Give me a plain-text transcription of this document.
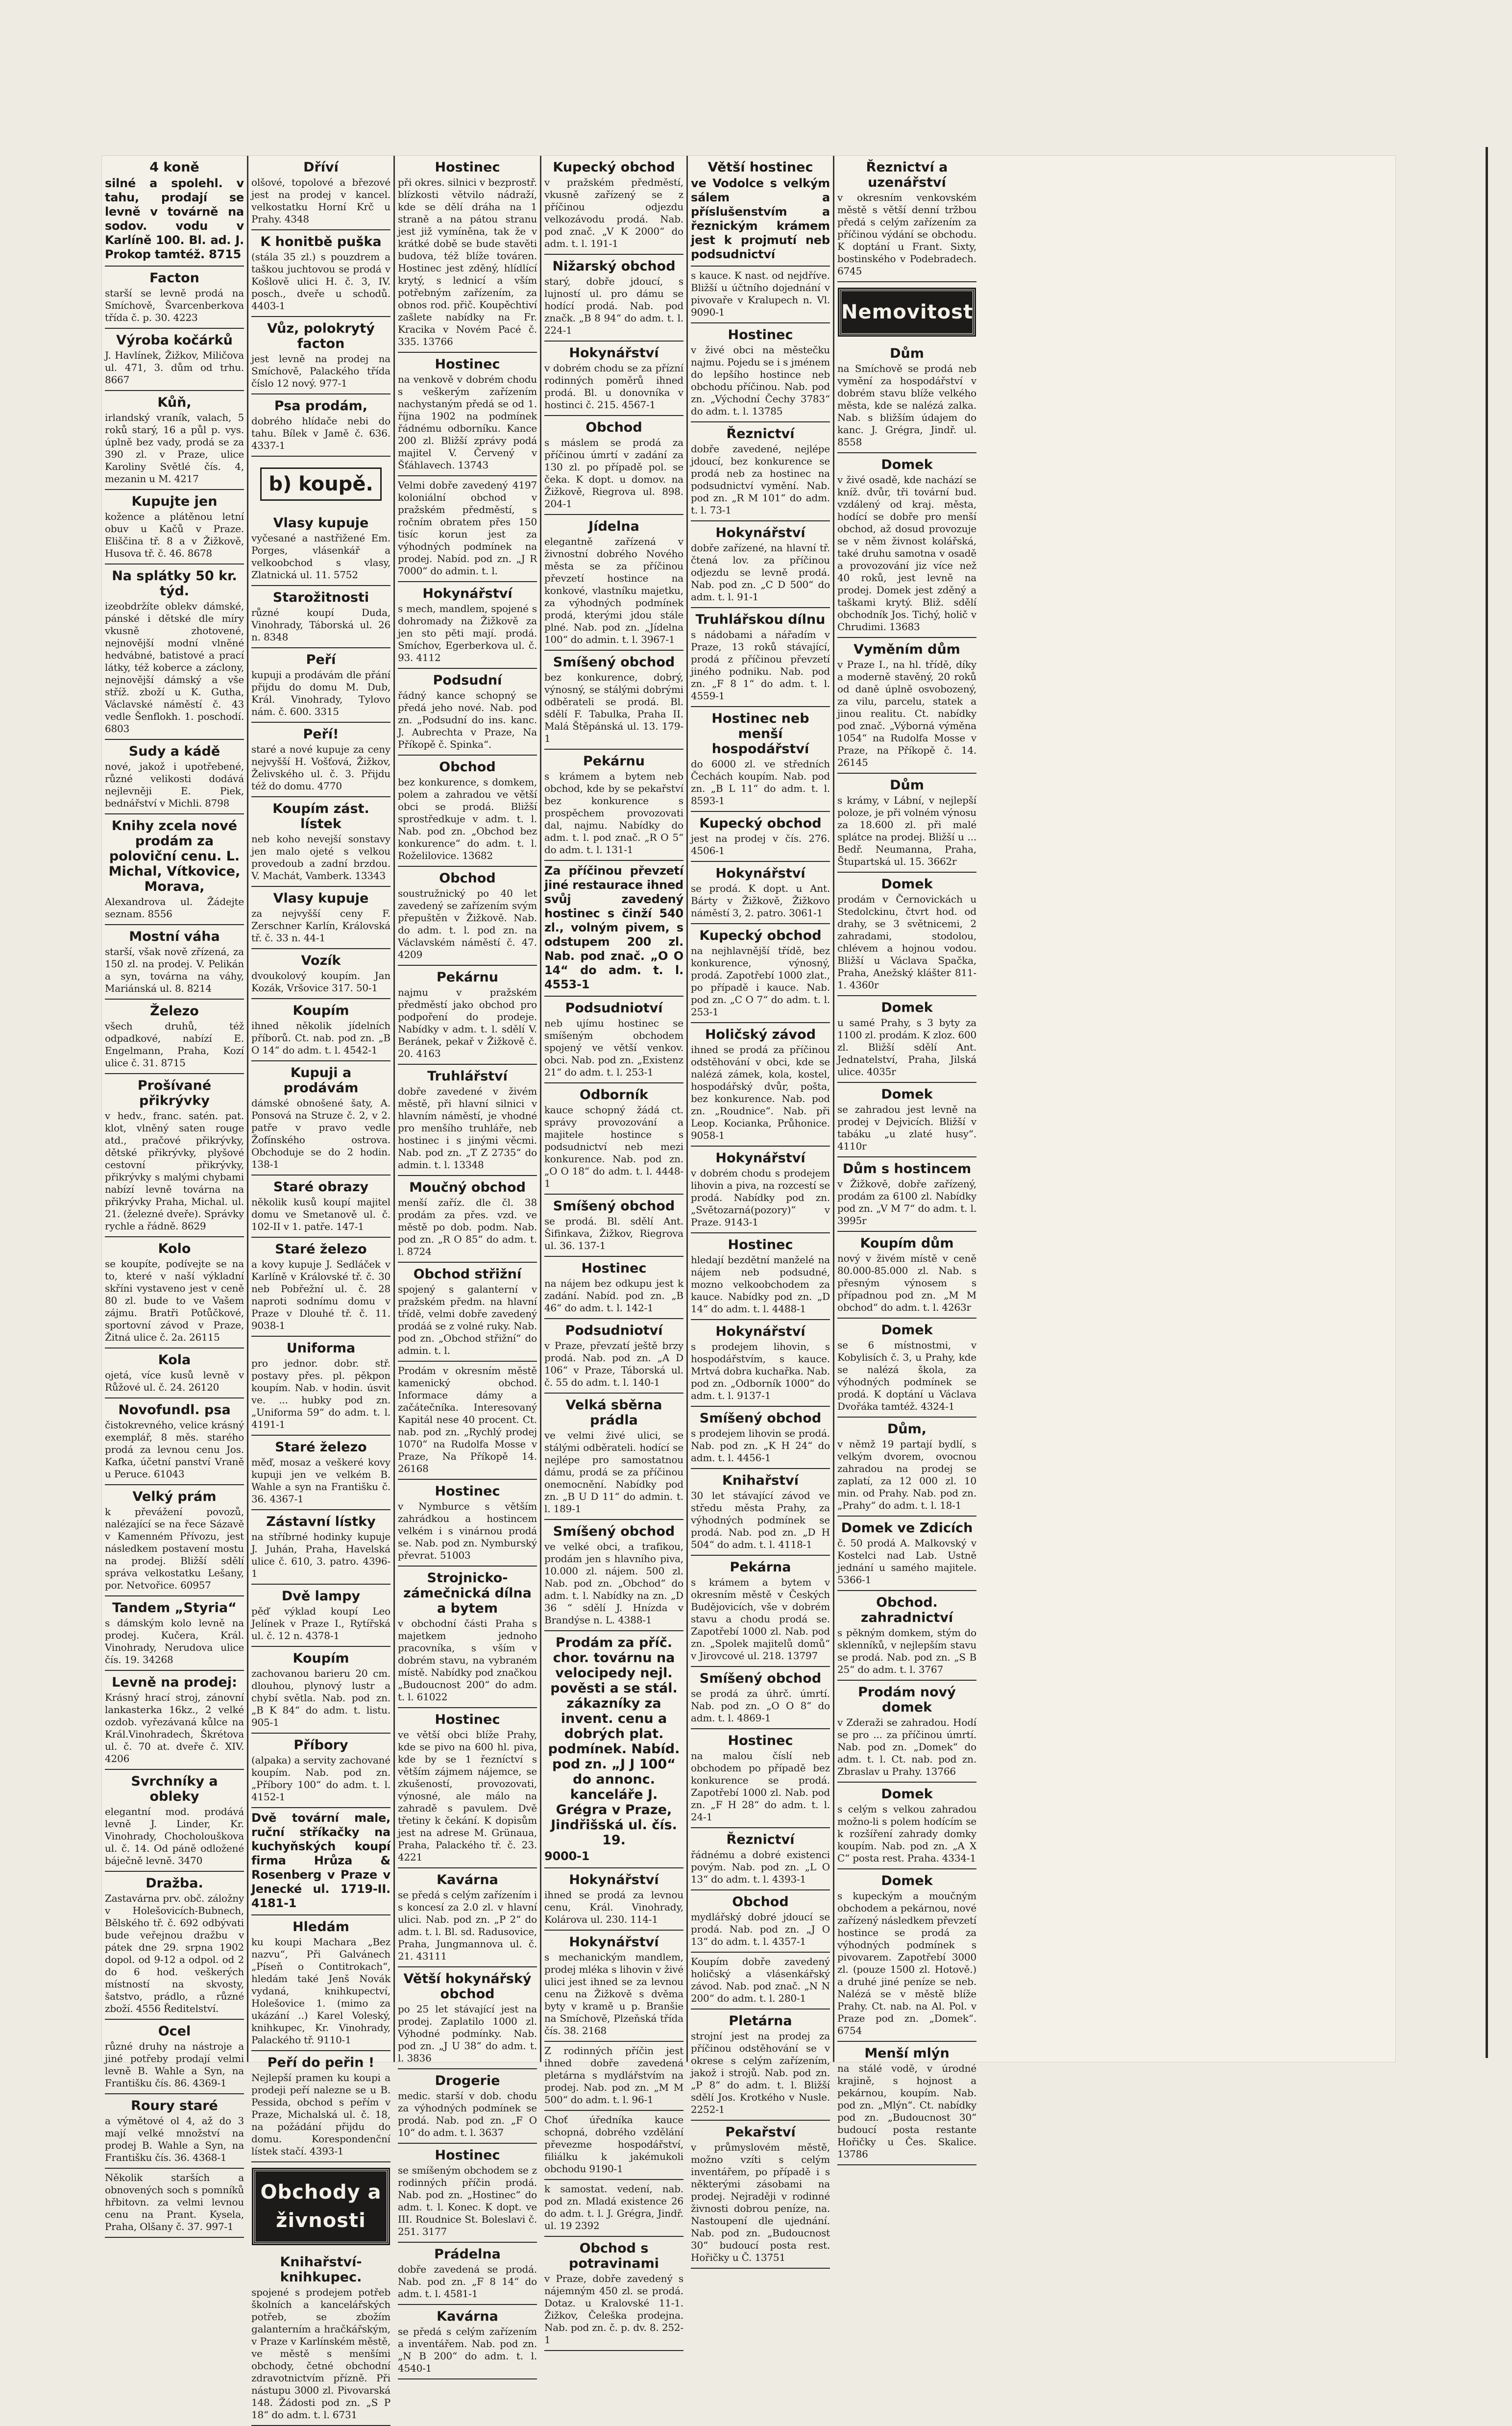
4 koně
silné a spolehl. v tahu, prodají se levně v továrně na sodov. vodu v Karlíně 100. Bl. ad. J. Prokop tamtéž. 8715
Facton
starší se levně prodá na Smíchově, Švarcenberkova třída č. p. 30. 4223
Výroba kočárků
J. Havlínek, Žižkov, Miličova ul. 471, 3. dům od trhu. 8667
Kůň,
irlandský vraník, valach, 5 roků starý, 16 a půl p. vys. úplně bez vady, prodá se za 390 zl. v Praze, ulice Karoliny Světlé čís. 4, mezanin u M. 4217
Kupujte jen
kožence a plátěnou letní obuv u Kačů v Praze. Eliščina tř. 8 a v Žižkově, Husova tř. č. 46. 8678
Na splátky 50 kr. týd.
izeobdržíte oblekv dámské, pánské i dětské dle míry vkusně zhotovené, nejnovější modní vlněné hedvábné, batistové a prací látky, též koberce a záclony, nejnovější dámský a vše stříž. zboží u K. Gutha, Václavské náměstí č. 43 vedle Šenflokh. 1. poschodí. 6803
Sudy a kádě
nové, jakož i upotřebené, různé velikosti dodává nejlevněji E. Piek, bednářství v Michli. 8798
Knihy zcela nové prodám za poloviční cenu. L. Michal, Vítkovice, Morava,
Alexandrova ul. Žádejte seznam. 8556
Mostní váha
starší, však nově zřízená, za 150 zl. na prodej. V. Pelikán a syn, továrna na váhy, Mariánská ul. 8. 8214
Železo
všech druhů, též odpadkové, nabízí E. Engelmann, Praha, Kozí ulice č. 31. 8715
Prošívané přikrývky
v hedv., franc. satén. pat. klot, vlněný saten rouge atd., pračové přikrývky, dětské přikrývky, plyšové cestovní přikrývky, přikrývky s malými chybami nabízí levně továrna na přikrývky Praha, Michal. ul. 21. (železné dveře). Správky rychle a řádně. 8629
Kolo
se koupíte, podívejte se na to, které v naší výkladní skříni vystaveno jest v ceně 80 zl. bude to ve Vašem zájmu. Bratři Potůčkové, sportovní závod v Praze, Žitná ulice č. 2a. 26115
Kola
ojetá, více kusů levně v Růžové ul. č. 24. 26120
Novofundl. psa
čistokrevného, velice krásný exemplář, 8 měs. starého prodá za levnou cenu Jos. Kafka, účetní panství Vraně u Peruce. 61043
Velký prám
k převážení povozů, nalézající se na řece Sázavě v Kamenném Přívozu, jest následkem postavení mostu na prodej. Bližší sdělí správa velkostatku Lešany, por. Netvořice. 60957
Tandem „Styria“
s dámským kolo levně na prodej. Kučera, Král. Vinohrady, Nerudova ulice čís. 19. 34268
Levně na prodej:
Krásný hrací stroj, zánovní lankasterka 16kz., 2 velké ozdob. vyřezávaná kůlce na Král.Vinohradech, Škrétova ul. č. 70 at. dveře č. XIV. 4206
Svrchníky a obleky
elegantní mod. prodává levně J. Linder, Kr. Vinohrady, Chocholouškova ul. č. 14. Od páně odložené báječně levně. 3470
Dražba.
Zastavárna prv. obč. záložny v Holešovicích-Bubnech, Bělského tř. č. 692 odbývati bude veřejnou dražbu v pátek dne 29. srpna 1902 dopol. od 9-12 a odpol. od 2 do 6 hod. veškerých místností na skvosty, šatstvo, prádlo, a různé zboží. 4556 Ředitelství.
Ocel
různé druhy na nástroje a jiné potřeby prodají velmi levně B. Wahle a Syn, na Františku čís. 86. 4369-1
Roury staré
a výmětové ol 4, až do 3 mají velké množství na prodej B. Wahle a Syn, na Františku čís. 36. 4368-1
Několik starších a obnovených soch s pomníků hřbitovn. za velmi levnou cenu na Prant. Kysela, Praha, Olšany č. 37. 997-1
Dříví
olšové, topolové a březové jest na prodej v kancel. velkostatku Horní Krč u Prahy. 4348
K honitbě puška
(stála 35 zl.) s pouzdrem a taškou juchtovou se prodá v Košlově ulici H. č. 3, IV. posch., dveře u schodů. 4403-1
Vůz, polokrytý facton
jest levně na prodej na Smíchově, Palackého třída číslo 12 nový. 977-1
Psa prodám,
dobrého hlídače nebi do tahu. Bílek v Jamě č. 636. 4337-1
b) koupě.
Vlasy kupuje
vyčesané a nastřižené Em. Porges, vlásenkář a velkoobchod s vlasy, Zlatnická ul. 11. 5752
Starožitnosti
různé koupí Duda, Vinohrady, Táborská ul. 26 n. 8348
Peří
kupuji a prodávám dle přání přijdu do domu M. Dub, Král. Vinohrady, Tylovo nám. č. 600. 3315
Peří!
staré a nové kupuje za ceny nejvyšší H. Vošťová, Žižkov, Želivského ul. č. 3. Přijdu též do domu. 4770
Koupím zást. lístek
neb koho nevejší sonstavy jen malo ojeté s velkou provedoub a zadní brzdou. V. Machát, Vamberk. 13343
Vlasy kupuje
za nejvyšší ceny F. Zerschner Karlín, Královská tř. č. 33 n. 44-1
Vozík
dvoukolový koupím. Jan Kozák, Vršovice 317. 50-1
Koupím
ihned několik jídelních příborů. Ct. nab. pod zn. „B O 14“ do adm. t. l. 4542-1
Kupuji a prodávám
dámské obnošené šaty, A. Ponsová na Struze č. 2, v 2. patře v pravo vedle Žofínského ostrova. Obchoduje se do 2 hodin. 138-1
Staré obrazy
několik kusů koupí majitel domu ve Smetanově ul. č. 102-II v 1. patře. 147-1
Staré železo
a kovy kupuje J. Sedláček v Karlíně v Královské tř. č. 30 neb Pobřežní ul. č. 28 naproti sodnímu domu v Praze v Dlouhé tř. č. 11. 9038-1
Uniforma
pro jednor. dobr. stř. postavy přes. pl. pěkpon koupím. Nab. v hodin. úsvit ve. ... hubky pod zn. „Uniforma 59“ do adm. t. l. 4191-1
Staré železo
měď, mosaz a veškeré kovy kupuji jen ve velkém B. Wahle a syn na Františku č. 36. 4367-1
Zástavní lístky
na stříbrné hodinky kupuje J. Juhán, Praha, Havelská ulice č. 610, 3. patro. 4396-1
Dvě lampy
pěď výklad koupí Leo Jelínek v Praze I., Rytířská ul. č. 12 n. 4378-1
Koupím
zachovanou barieru 20 cm. dlouhou, plynový lustr a chybí světla. Nab. pod zn. „B K 84“ do adm. t. listu. 905-1
Příbory
(alpaka) a servity zachované koupím. Nab. pod zn. „Příbory 100“ do adm. t. l. 4152-1
Dvě tovární male, ruční stříkačky na kuchyňských koupí firma Hrůza & Rosenberg v Praze v Jenecké ul. 1719-II. 4181-1
Hledám
ku koupi Machara „Bez nazvu“, Při Galvánech „Píseň o Contitrokach“, hledám také Jenš Novák vydaná, knihkupectví, Holešovice 1. (mimo za ukázání ..) Karel Voleský, knihkupec, Kr. Vinohrady, Palackého tř. 9110-1
Peří do peřin !
Nejlepší pramen ku koupi a prodeji peří nalezne se u B. Pessida, obchod s peřím v Praze, Michalská ul. č. 18, na požádání přijdu do domu. Korespondenční lístek stačí. 4393-1
Obchody a živnosti
Knihařství-knihkupec.
spojené s prodejem potřeb školních a kancelářských potřeb, se zbožím galanterním a hračkářským, v Praze v Karlínském městě, ve městě s menšími obchody, četné obchodní zdravotnictvím přízně. Při nástupu 3000 zl. Pivovarská 148. Žádosti pod zn. „S P 18“ do adm. t. l. 6731
Hostinec
při okres. silnici v bezprostř. blízkosti větvilo nádraží, kde se dělí dráha na 1 straně a na pátou stranu jest již vymíněna, tak že v krátké době se bude stavěti budova, též blíže továren. Hostinec jest zděný, hlídlící krytý, s lednicí a vším potřebným zařízením, za obnos rod. přič. Koupěchtiví zašlete nabídky na Fr. Kracika v Novém Pacé č. 335. 13766
Hostinec
na venkově v dobrém chodu s veškerým zařízením nachystaným předá se od 1. října 1902 na podmínek řádnému odborníku. Kance 200 zl. Bližší zprávy podá majitel V. Červený v Šťáhlavech. 13743
Velmi dobře zavedený 4197 koloniální obchod v pražském předměstí, s ročním obratem přes 150 tisíc korun jest za výhodných podmínek na prodej. Nabíd. pod zn. „J R 7000“ do admin. t. l.
Hokynářství
s mech, mandlem, spojené s dohromady na Žižkově za jen sto pěti mají. prodá. Smíchov, Egerberkova ul. č. 93. 4112
Podsudní
řádný kance schopný se předá jeho nové. Nab. pod zn. „Podsudní do ins. kanc. J. Aubrechta v Praze, Na Příkopě č. Spinka“.
Obchod
bez konkurence, s domkem, polem a zahradou ve větší obci se prodá. Bližší sprostředkuje v adm. t. l. Nab. pod zn. „Obchod bez konkurence“ do adm. t. l. Roželilovice. 13682
Obchod
soustružnický po 40 let zavedený se zařízením svým přepuštěn v Žižkově. Nab. do adm. t. l. pod zn. na Václavském náměstí č. 47. 4209
Pekárnu
najmu v pražském předměstí jako obchod pro podpoření do prodeje. Nabídky v adm. t. l. sdělí V. Beránek, pekař v Žižkově č. 20. 4163
Truhlářství
dobře zavedené v živém městě, při hlavní silnici v hlavním náměstí, je vhodné pro menšího truhláře, neb hostinec i s jinými věcmi. Nab. pod zn. „T Z 2735“ do admin. t. l. 13348
Moučný obchod
menší zaříz. dle čl. 38 prodám za přes. vzd. ve městě po dob. podm. Nab. pod zn. „R O 85“ do adm. t. l. 8724
Obchod střižní
spojený s galanterní v pražském předm. na hlavní třídě, velmi dobře zavedený prodáá se z volné ruky. Nab. pod zn. „Obchod střižní“ do admin. t. l.
Prodám v okresním městě kamenický obchod. Informace dámy a začátečníka. Interesovaný Kapitál nese 40 procent. Ct. nab. pod zn. „Rychlý prodej 1070“ na Rudolfa Mosse v Praze, Na Příkopě 14. 26168
Hostinec
v Nymburce s větším zahrádkou a hostincem velkém i s vinárnou prodá se. Nab. pod zn. Nymburský převrat. 51003
Strojnicko-zámečnická dílna a bytem
v obchodní části Praha s majetkem jednoho pracovníka, s vším v dobrém stavu, na vybraném místě. Nabídky pod značkou „Budoucnost 200“ do adm. t. l. 61022
Hostinec
ve větší obci blíže Prahy, kde se pivo na 600 hl. piva, kde by se 1 řezníctví s větším zájmem nájemce, se zkušeností, provozovati, výnosné, ale málo na zahradě s pavulem. Dvě třetiny k čekání. K dopisům jest na adrese M. Grünaua, Praha, Palackého tř. č. 23. 4221
Kavárna
se předá s celým zařízením i s koncesí za 2.0 zl. v hlavní ulici. Nab. pod zn. „P 2“ do adm. t. l. Bl. sd. Radusovice, Praha, Jungmannova ul. č. 21. 43111
Větší hokynářský obchod
po 25 let stávající jest na prodej. Zaplatilo 1000 zl. Výhodné podmínky. Nab. pod zn. „J U 38“ do adm. t. l. 3836
Drogerie
medic. starší v dob. chodu za výhodných podmínek se prodá. Nab. pod zn. „F O 10“ do adm. t. l. 3637
Hostinec
se smíšeným obchodem se z rodinných příčin prodá. Nab. pod zn. „Hostinec“ do adm. t. l. Konec. K dopt. ve III. Roudnice St. Boleslavi č. 251. 3177
Prádelna
dobře zavedená se prodá. Nab. pod zn. „F 8 14“ do adm. t. l. 4581-1
Kavárna
se předá s celým zařízením a inventářem. Nab. pod zn. „N B 200“ do adm. t. l. 4540-1
Kupecký obchod
v pražském předměstí, vkusně zařízený se z příčinou odjezdu velkozávodu prodá. Nab. pod znač. „V K 2000“ do adm. t. l. 191-1
Nižarský obchod
starý, dobře jdoucí, s lujností ul. pro dámu se hodící prodá. Nab. pod značk. „B 8 94“ do adm. t. l. 224-1
Hokynářství
v dobrém chodu se za přízní rodinných poměrů ihned prodá. Bl. u donovníka v hostinci č. 215. 4567-1
Obchod
s máslem se prodá za příčinou úmrtí v zadání za 130 zl. po případě pol. se čeka. K dopt. u domov. na Žižkově, Riegrova ul. 898. 204-1
Jídelna
elegantně zařízená v živnostní dobrého Nového města se za příčinou převzetí hostince na konkové, vlastníku majetku, za výhodných podmínek prodá, kterými jdou stále plné. Nab. pod zn. „Jídelna 100“ do admin. t. l. 3967-1
Smíšený obchod
bez konkurence, dobrý, výnosný, se stálými dobrými odběrateli se prodá. Bl. sdělí F. Tabulka, Praha II. Malá Štěpánská ul. 13. 179-1
Pekárnu
s krámem a bytem neb obchod, kde by se pekařství bez konkurence s prospěchem provozovati dal, najmu. Nabídky do adm. t. l. pod znač. „R O 5“ do adm. t. l. 131-1
Za příčinou převzetí jiné restaurace ihned svůj zavedený hostinec s činží 540 zl., volným pivem, s odstupem 200 zl. Nab. pod znač. „O O 14“ do adm. t. l. 4553-1
Podsudniotví
neb ujímu hostinec se smíšeným obchodem spojený ve větší venkov. obci. Nab. pod zn. „Existenz 21“ do adm. t. l. 253-1
Odborník
kauce schopný žádá ct. správy provozování a majitele hostince s podsudnictví neb mezi konkurence. Nab. pod zn. „O O 18“ do adm. t. l. 4448-1
Smíšený obchod
se prodá. Bl. sdělí Ant. Šifinkava, Žižkov, Riegrova ul. 36. 137-1
Hostinec
na nájem bez odkupu jest k zadání. Nabíd. pod zn. „B 46“ do adm. t. l. 142-1
Podsudniotví
v Praze, převzatí ještě brzy prodá. Nab. pod zn. „A D 106“ v Praze, Táborská ul. č. 55 do adm. t. l. 140-1
Velká sběrna prádla
ve velmi živé ulici, se stálými odběrateli. hodící se nejlépe pro samostatnou dámu, prodá se za příčinou onemocnění. Nabídky pod zn. „B U D 11“ do admin. t. l. 189-1
Smíšený obchod
ve velké obci, a trafikou, prodám jen s hlavního piva, 10.000 zl. nájem. 500 zl. Nab. pod zn. „Obchod“ do adm. t. l. Nabídky na zn. „D 36 “ sdělí J. Hnízda v Brandýse n. L. 4388-1
Prodám za příč. chor. továrnu na velocipedy nejl. pověsti a se stál. zákazníky za invent. cenu a dobrých plat. podmínek. Nabíd. pod zn. „J J 100“ do annonc. kanceláře J. Grégra v Praze, Jindřišská ul. čís. 19.
9000-1
Hokynářství
ihned se prodá za levnou cenu, Král. Vinohrady, Kolárova ul. 230. 114-1
Hokynářství
s mechanickým mandlem, prodej mléka s lihovin v živé ulici jest ihned se za levnou cenu na Žižkově s dvěma byty v kramě u p. Branšie na Smíchově, Plzeňská třída čís. 38. 2168
Z rodinných příčin jest ihned dobře zavedená pletárna s mydlářstvím na prodej. Nab. pod zn. „M M 500“ do adm. t. l. 96-1
Choť úředníka kauce schopná, dobrého vzdělání převezme hospodářství, filiálku k jakémukoli obchodu 9190-1
k samostat. vedení, nab. pod zn. Mladá existence 26 do adm. t. l. J. Grégra, Jindř. ul. 19 2392
Obchod s potravinami
v Praze, dobře zavedený s nájemným 450 zl. se prodá. Dotaz. u Kralovské 11-1. Žižkov, Čeleška prodejna. Nab. pod zn. č. p. dv. 8. 252-1
Větší hostinec
ve Vodolce s velkým sálem a příslušenstvím a řeznickým krámem jest k projmutí neb podsudnictví
s kauce. K nast. od nejdříve. Bližší u účtního dojednání v pivovaře v Kralupech n. Vl. 9090-1
Hostinec
v živé obci na městečku najmu. Pojedu se i s jménem do lepšího hostince neb obchodu příčinou. Nab. pod zn. „Východní Čechy 3783“ do adm. t. l. 13785
Řeznictví
dobře zavedené, nejlépe jdoucí, bez konkurence se prodá neb za hostinec na podsudnictví vymění. Nab. pod zn. „R M 101“ do adm. t. l. 73-1
Hokynářství
dobře zařízené, na hlavní tř. čtená lov. za příčinou odjezdu se levně prodá. Nab. pod zn. „C D 500“ do adm. t. l. 91-1
Truhlářskou dílnu
s nádobami a nářadím v Praze, 13 roků stávající, prodá z příčinou převzetí jiného podniku. Nab. pod zn. „F 8 1“ do adm. t. l. 4559-1
Hostinec neb menší hospodářství
do 6000 zl. ve středních Čechách koupím. Nab. pod zn. „B L 11“ do adm. t. l. 8593-1
Kupecký obchod
jest na prodej v čís. 276. 4506-1
Hokynářství
se prodá. K dopt. u Ant. Bárty v Žižkově, Žižkovo náměstí 3, 2. patro. 3061-1
Kupecký obchod
na nejhlavnější třídě, bez konkurence, výnosný, prodá. Zapotřebí 1000 zlat., po případě i kauce. Nab. pod zn. „C O 7“ do adm. t. l. 253-1
Holičský závod
ihned se prodá za příčinou odstěhování v obci, kde se nalézá zámek, kola, kostel, hospodářský dvůr, pošta, bez konkurence. Nab. pod zn. „Roudnice“. Nab. při Leop. Kocianka, Průhonice. 9058-1
Hokynářství
v dobrém chodu s prodejem lihovin a piva, na rozcestí se prodá. Nabídky pod zn. „Světozarná(pozory)“ v Praze. 9143-1
Hostinec
hledají bezdětní manželé na nájem neb podsudné, mozno velkoobchodem za kauce. Nabídky pod zn. „D 14“ do adm. t. l. 4488-1
Hokynářství
s prodejem lihovin, s hospodářstvím, s kauce. Mrtvá dobra kuchařka. Nab. pod zn. „Odborník 1000“ do adm. t. l. 9137-1
Smíšený obchod
s prodejem lihovin se prodá. Nab. pod zn. „K H 24“ do adm. t. l. 4456-1
Knihařství
30 let stávající závod ve středu města Prahy, za výhodných podmínek se prodá. Nab. pod zn. „D H 504“ do adm. t. l. 4118-1
Pekárna
s krámem a bytem v okresním městě v Českých Budějovicích, vše v dobrém stavu a chodu prodá se. Zapotřebí 1000 zl. Nab. pod zn. „Spolek majitelů domů“ v Jirovcové ul. 218. 13797
Smíšený obchod
se prodá za úhrč. úmrtí. Nab. pod zn. „O O 8“ do adm. t. l. 4869-1
Hostinec
na malou číslí neb obchodem po případě bez konkurence se prodá. Zapotřebí 1000 zl. Nab. pod zn. „F H 28“ do adm. t. l. 24-1
Řeznictví
řádnému a dobré existenci povým. Nab. pod zn. „L O 13“ do adm. t. l. 4393-1
Obchod
mydlářský dobré jdoucí se prodá. Nab. pod zn. „J O 13“ do adm. t. l. 4357-1
Koupím dobře zavedený holičský a vlásenkářský závod. Nab. pod znač. „N N 200“ do adm. t. l. 280-1
Pletárna
strojní jest na prodej za příčinou odstěhování se v okrese s celým zařízením, jakož i strojů. Nab. pod zn. „P 8“ do adm. t. l. Bližší sdělí Jos. Krotkého v Nusle. 2252-1
Pekařství
v průmyslovém městě, možno vzíti s celým inventářem, po případě i s některými zásobami na prodej. Nejraději v rodinné živnosti dobrou peníze, na. Nastoupení dle ujednání. Nab. pod zn. „Budoucnost 30“ budoucí posta rest. Hořičky u Č. 13751
Řeznictví a uzenářství
v okresním venkovském městě s větší denní tržbou předá s celým zařízením za příčinou výdání se obchodu. K doptání u Frant. Sixty, bostinského v Podebradech. 6745
Nemovitosti.
Dům
na Smíchově se prodá neb vymění za hospodářství v dobrém stavu blíže velkého města, kde se nalézá zalka. Nab. s bližším údajem do kanc. J. Grégra, Jindř. ul. 8558
Domek
v živé osadě, kde nachází se kníž. dvůr, tři tovární bud. vzdálený od kraj. města, hodící se dobře pro menší obchod, až dosud provozuje se v něm živnost kolářská, také druhu samotna v osadě a provozování jiz více než 40 roků, jest levně na prodej. Domek jest zděný a taškami krytý. Bliž. sdělí obchodník Jos. Tichý, holič v Chrudimi. 13683
Vyměním dům
v Praze I., na hl. třídě, díky a moderně stavěný, 20 roků od daně úplně osvobozený, za vilu, parcelu, statek a jinou realitu. Ct. nabídky pod znač. „Výborná výměna 1054“ na Rudolfa Mosse v Praze, na Příkopě č. 14. 26145
Dům
s krámy, v Lábní, v nejlepší poloze, je při volném výnosu za 18.600 zl. při malé splátce na prodej. Bližší u ... Bedř. Neumanna, Praha, Štupartská ul. 15. 3662r
Domek
prodám v Černovickách u Stedolckinu, čtvrt hod. od drahy, se 3 světnicemi, 2 zahradami, stodolou, chlévem a hojnou vodou. Bližší u Václava Spačka, Praha, Anežský klášter 811-1. 4360r
Domek
u samé Prahy, s 3 byty za 1100 zl. prodám. K zloz. 600 zl. Bližší sdělí Ant. Jednatelství, Praha, Jilská ulice. 4035r
Domek
se zahradou jest levně na prodej v Dejvicích. Bližší v tabáku „u zlaté husy“. 4110r
Dům s hostincem
v Žižkově, dobře zařízený, prodám za 6100 zl. Nabídky pod zn. „V M 7“ do adm. t. l. 3995r
Koupím dům
nový v živém místě v ceně 80.000-85.000 zl. Nab. s přesným výnosem s případnou pod zn. „M M obchod“ do adm. t. l. 4263r
Domek
se 6 místnostmi, v Kobylisích č. 3, u Prahy, kde se nalézá škola, za výhodných podmínek se prodá. K doptání u Václava Dvořáka tamtéž. 4324-1
Dům,
v němž 19 partají bydlí, s velkým dvorem, ovocnou zahradou na prodej se zaplatí, za 12 000 zl. 10 min. od Prahy. Nab. pod zn. „Prahy“ do adm. t. l. 18-1
Domek ve Zdicích
č. 50 prodá A. Malkovský v Kostelci nad Lab. Ustně jednání u samého majitele. 5366-1
Obchod. zahradnictví
s pěkným domkem, stým do sklenníků, v nejlepším stavu se prodá. Nab. pod zn. „S B 25“ do adm. t. l. 3767
Prodám nový domek
v Zderaži se zahradou. Hodí se pro ... za příčinou úmrtí. Nab. pod zn. „Domek“ do adm. t. l. Ct. nab. pod zn. Zbraslav u Prahy. 13766
Domek
s celým s velkou zahradou možno-li s polem hodícím se k rozšíření zahrady domky koupím. Nab. pod zn. „A X C“ posta rest. Praha. 4334-1
Domek
s kupeckým a moučným obchodem a pekárnou, nové zařízený následkem převzetí hostince se prodá za výhodných podmínek s pivovarem. Zapotřebí 3000 zl. (pouze 1500 zl. Hotově.) a druhé jiné peníze se neb. Nalézá se v městě blíže Prahy. Ct. nab. na Al. Pol. v Praze pod zn. „Domek“. 6754
Menší mlýn
na stálé vodě, v úrodné krajině, s hojnost a pekárnou, koupím. Nab. pod zn. „Mlýn“. Ct. nabídky pod zn. „Budoucnost 30“ budoucí posta restante Hořičky u Čes. Skalice. 13786
